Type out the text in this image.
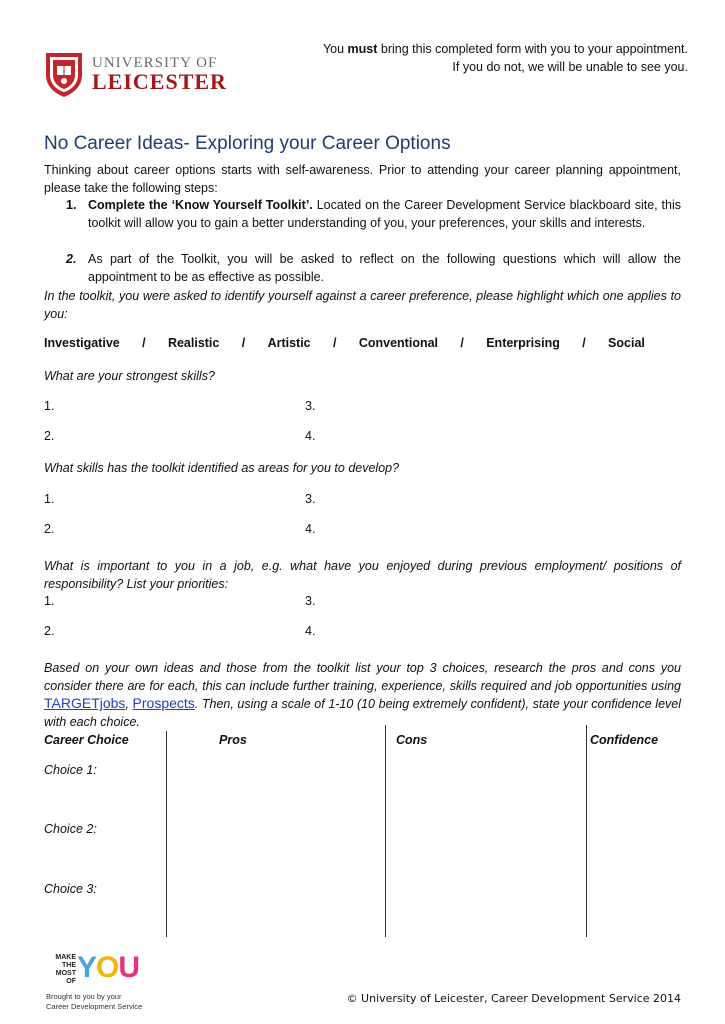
UNIVERSITY OF
LEICESTER
You must bring this completed form with you to your appointment.
If you do not, we will be unable to see you.
No Career Ideas- Exploring your Career Options
Thinking about career options starts with self-awareness. Prior to attending your career planning appointment, please take the following steps:
1. Complete the ‘Know Yourself Toolkit’. Located on the Career Development Service blackboard site, this toolkit will allow you to gain a better understanding of you, your preferences, your skills and interests.
2. As part of the Toolkit, you will be asked to reflect on the following questions which will allow the appointment to be as effective as possible.
In the toolkit, you were asked to identify yourself against a career preference, please highlight which one applies to you:
Investigative / Realistic / Artistic / Conventional / Enterprising / Social
What are your strongest skills?
1.	3.
2.	4.
What skills has the toolkit identified as areas for you to develop?
1.	3.
2.	4.
What is important to you in a job, e.g. what have you enjoyed during previous employment/ positions of responsibility? List your priorities:
1.	3.
2.	4.
Based on your own ideas and those from the toolkit list your top 3 choices, research the pros and cons you consider there are for each, this can include further training, experience, skills required and job opportunities using TARGETjobs, Prospects. Then, using a scale of 1-10 (10 being extremely confident), state your confidence level with each choice.
Career Choice	Pros	Cons	Confidence
Choice 1:
Choice 2:
Choice 3:
MAKE
THE
MOST
OF YOU
Brought to you by your
Career Development Service
© University of Leicester, Career Development Service 2014
